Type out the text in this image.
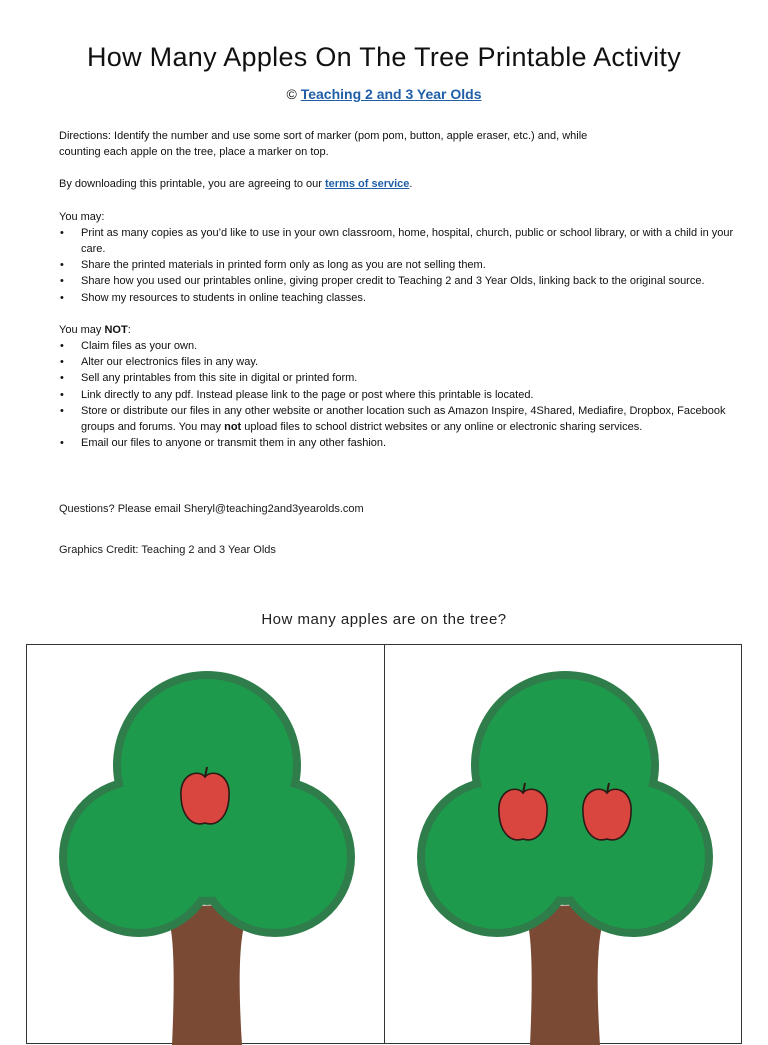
How Many Apples On The Tree Printable Activity
© Teaching 2 and 3 Year Olds

Directions: Identify the number and use some sort of marker (pom pom, button, apple eraser, etc.) and, while

counting each apple on the tree, place a marker on top.

By downloading this printable, you are agreeing to our terms of service.

You may:

• Print as many copies as you’d like to use in your own classroom, home, hospital, church, public or school library, or with a child in your care.
• Share the printed materials in printed form only as long as you are not selling them.
• Share how you used our printables online, giving proper credit to Teaching 2 and 3 Year Olds, linking back to the original source.
• Show my resources to students in online teaching classes.

You may NOT:

• Claim files as your own.
• Alter our electronics files in any way.
• Sell any printables from this site in digital or printed form.
• Link directly to any pdf. Instead please link to the page or post where this printable is located.
• Store or distribute our files in any other website or another location such as Amazon Inspire, 4Shared, Mediafire, Dropbox, Facebook groups and forums. You may not upload files to school district websites or any online or electronic sharing services.
• Email our files to anyone or transmit them in any other fashion.
Questions? Please email Sheryl@teaching2and3yearolds.com
Graphics Credit: Teaching 2 and 3 Year Olds
How many apples are on the tree?
